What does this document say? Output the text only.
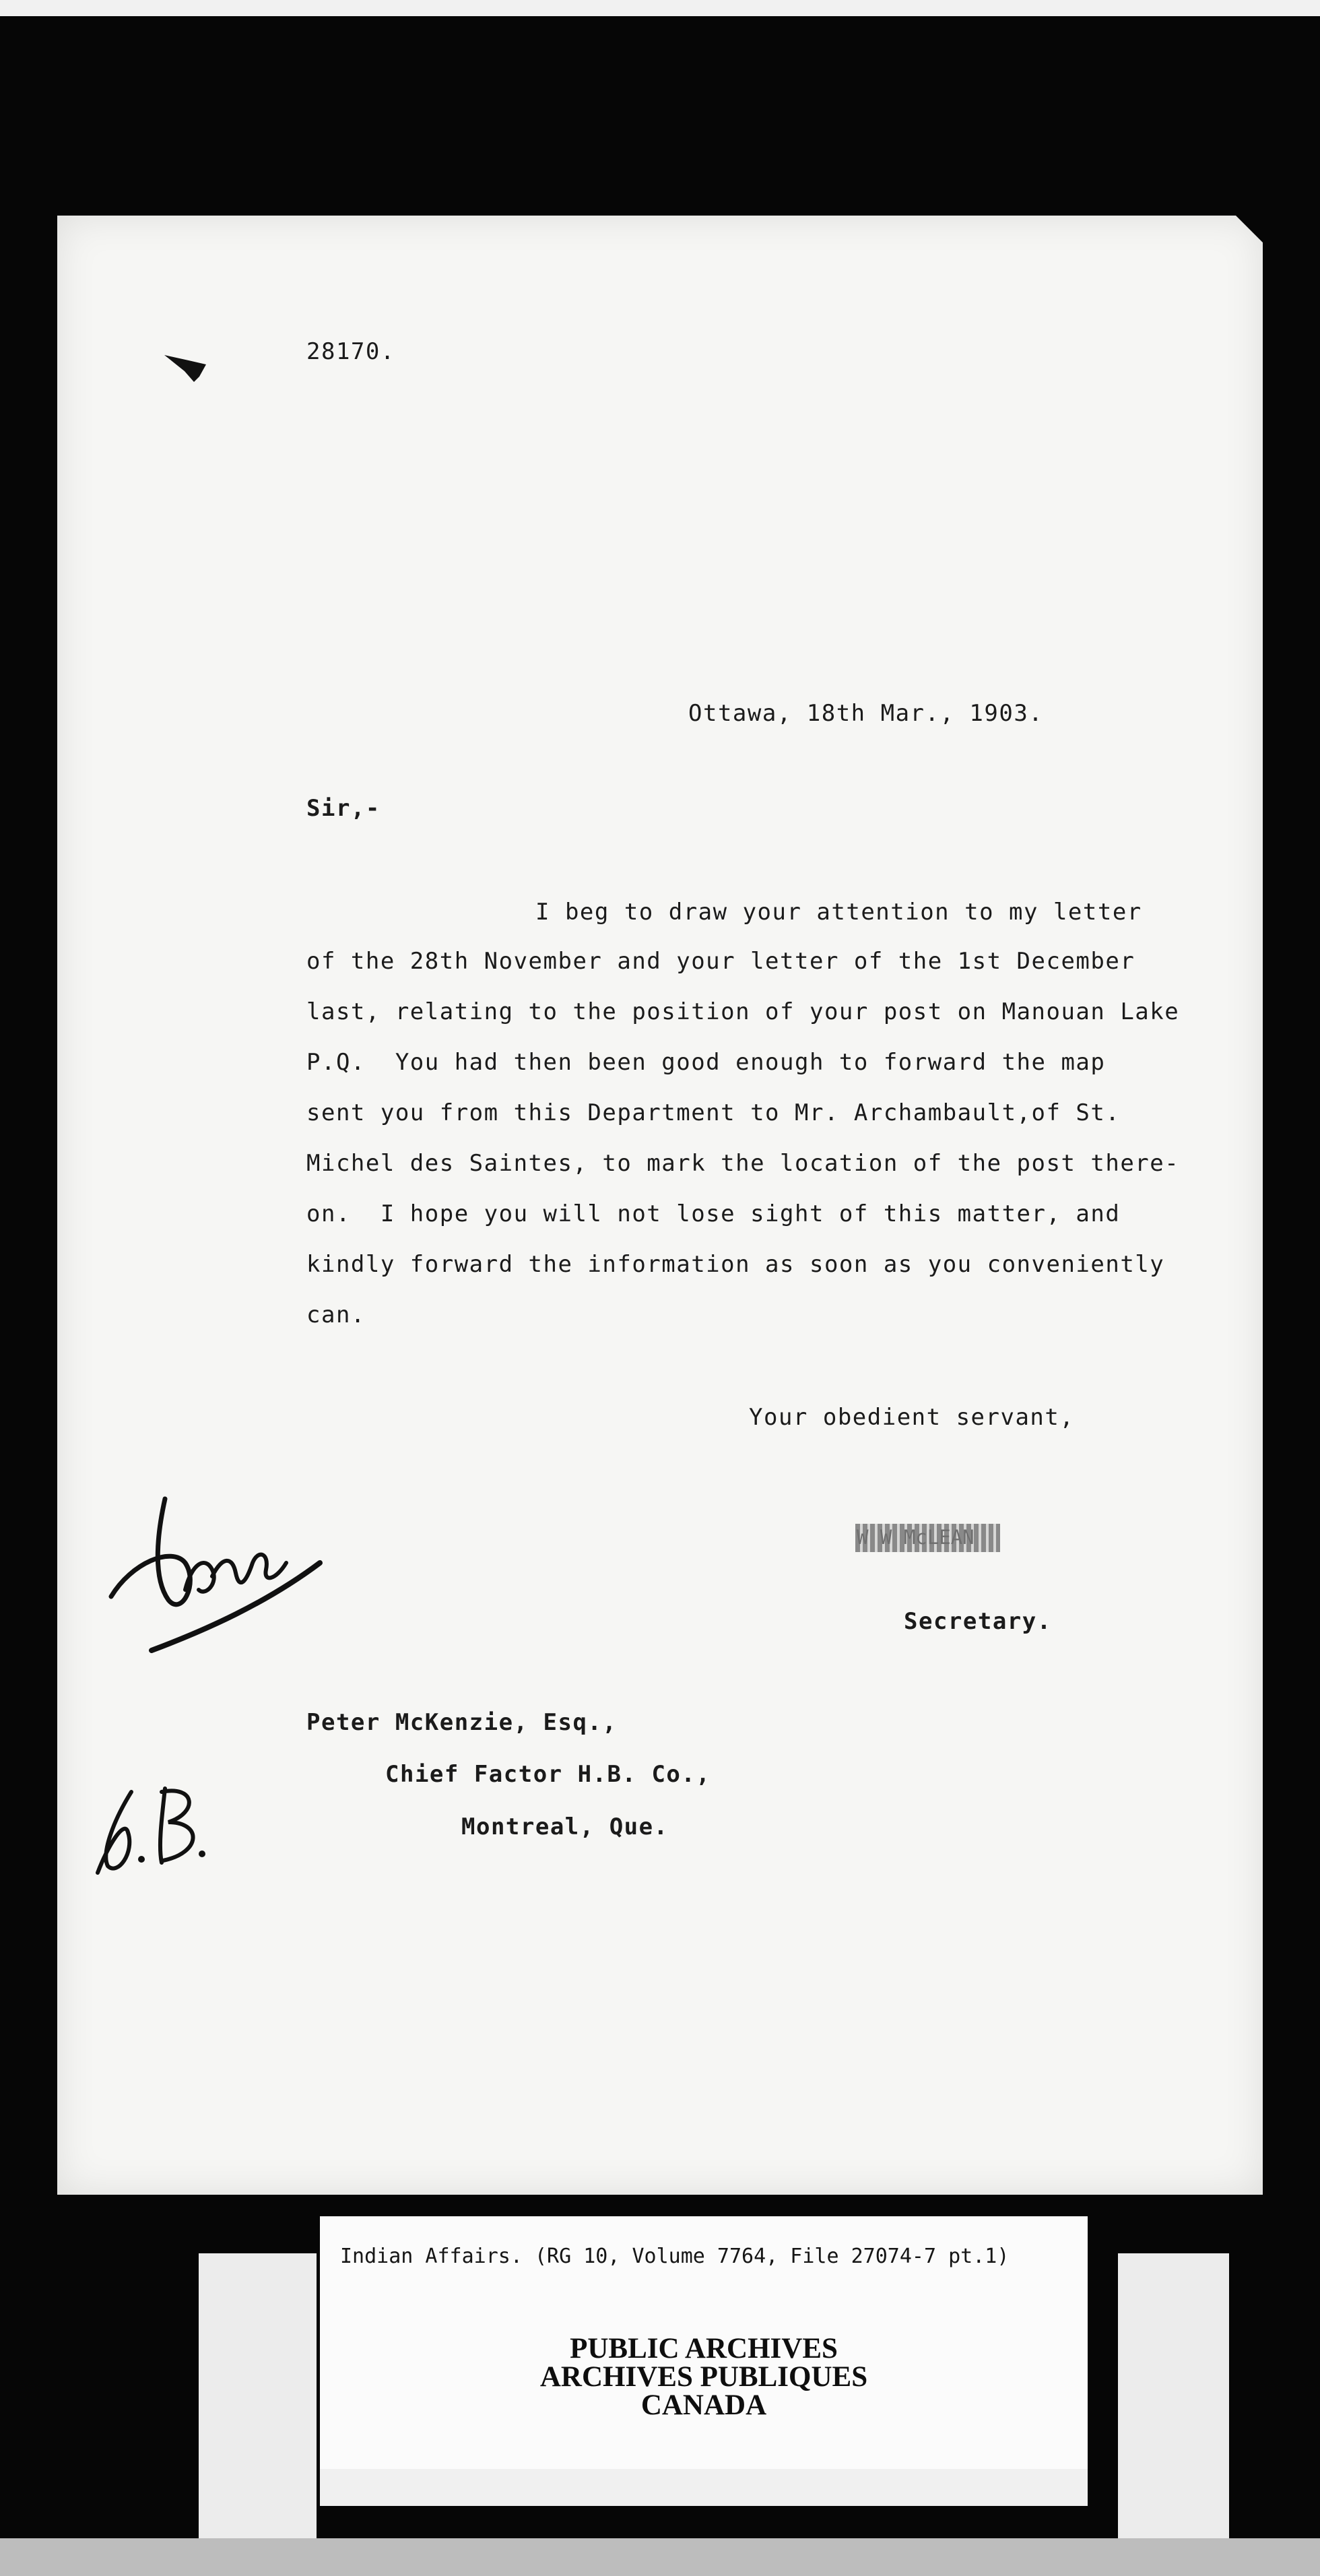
28170.
Ottawa, 18th Mar., 1903.
Sir,-
I beg to draw your attention to my letter
of the 28th November and your letter of the 1st December
last, relating to the position of your post on Manouan Lake
P.Q.  You had then been good enough to forward the map
sent you from this Department to Mr. Archambault,of St.
Michel des Saintes, to mark the location of the post there-
on.  I hope you will not lose sight of this matter, and
kindly forward the information as soon as you conveniently
can.
Your obedient servant,
W W McLEAN
Secretary.
Peter McKenzie, Esq.,
Chief Factor H.B. Co.,
Montreal, Que.
Indian Affairs. (RG 10, Volume 7764, File 27074-7 pt.1)
PUBLIC ARCHIVES
ARCHIVES PUBLIQUES
CANADA
